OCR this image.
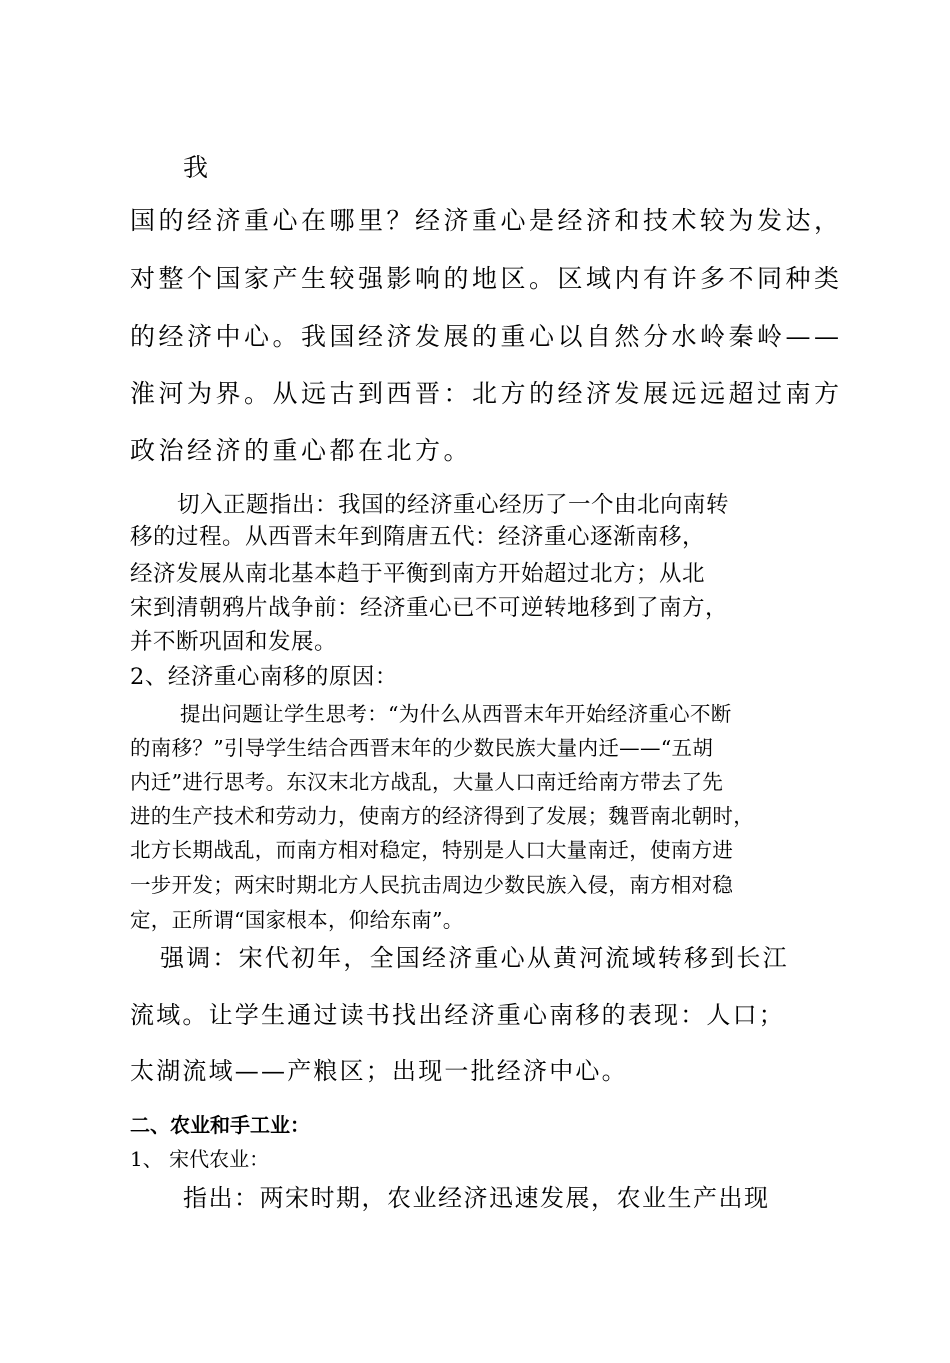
我
国的经济重心在哪里？经济重心是经济和技术较为发达，
对整个国家产生较强影响的地区。区域内有许多不同种类
的经济中心。我国经济发展的重心以自然分水岭秦岭——
淮河为界。从远古到西晋：北方的经济发展远远超过南方
政治经济的重心都在北方。
切入正题指出：我国的经济重心经历了一个由北向南转
移的过程。从西晋末年到隋唐五代：经济重心逐渐南移，
经济发展从南北基本趋于平衡到南方开始超过北方；从北
宋到清朝鸦片战争前：经济重心已不可逆转地移到了南方，
并不断巩固和发展。
2、经济重心南移的原因：
提出问题让学生思考：“为什么从西晋末年开始经济重心不断
的南移？”引导学生结合西晋末年的少数民族大量内迁——“五胡
内迁”进行思考。东汉末北方战乱，大量人口南迁给南方带去了先
进的生产技术和劳动力，使南方的经济得到了发展；魏晋南北朝时，
北方长期战乱，而南方相对稳定，特别是人口大量南迁，使南方进
一步开发；两宋时期北方人民抗击周边少数民族入侵，南方相对稳
定，正所谓“国家根本，仰给东南”。
强调：宋代初年，全国经济重心从黄河流域转移到长江
流域。让学生通过读书找出经济重心南移的表现：人口；
太湖流域——产粮区；出现一批经济中心。
二、农业和手工业：
1、 宋代农业：
指出：两宋时期，农业经济迅速发展，农业生产出现
